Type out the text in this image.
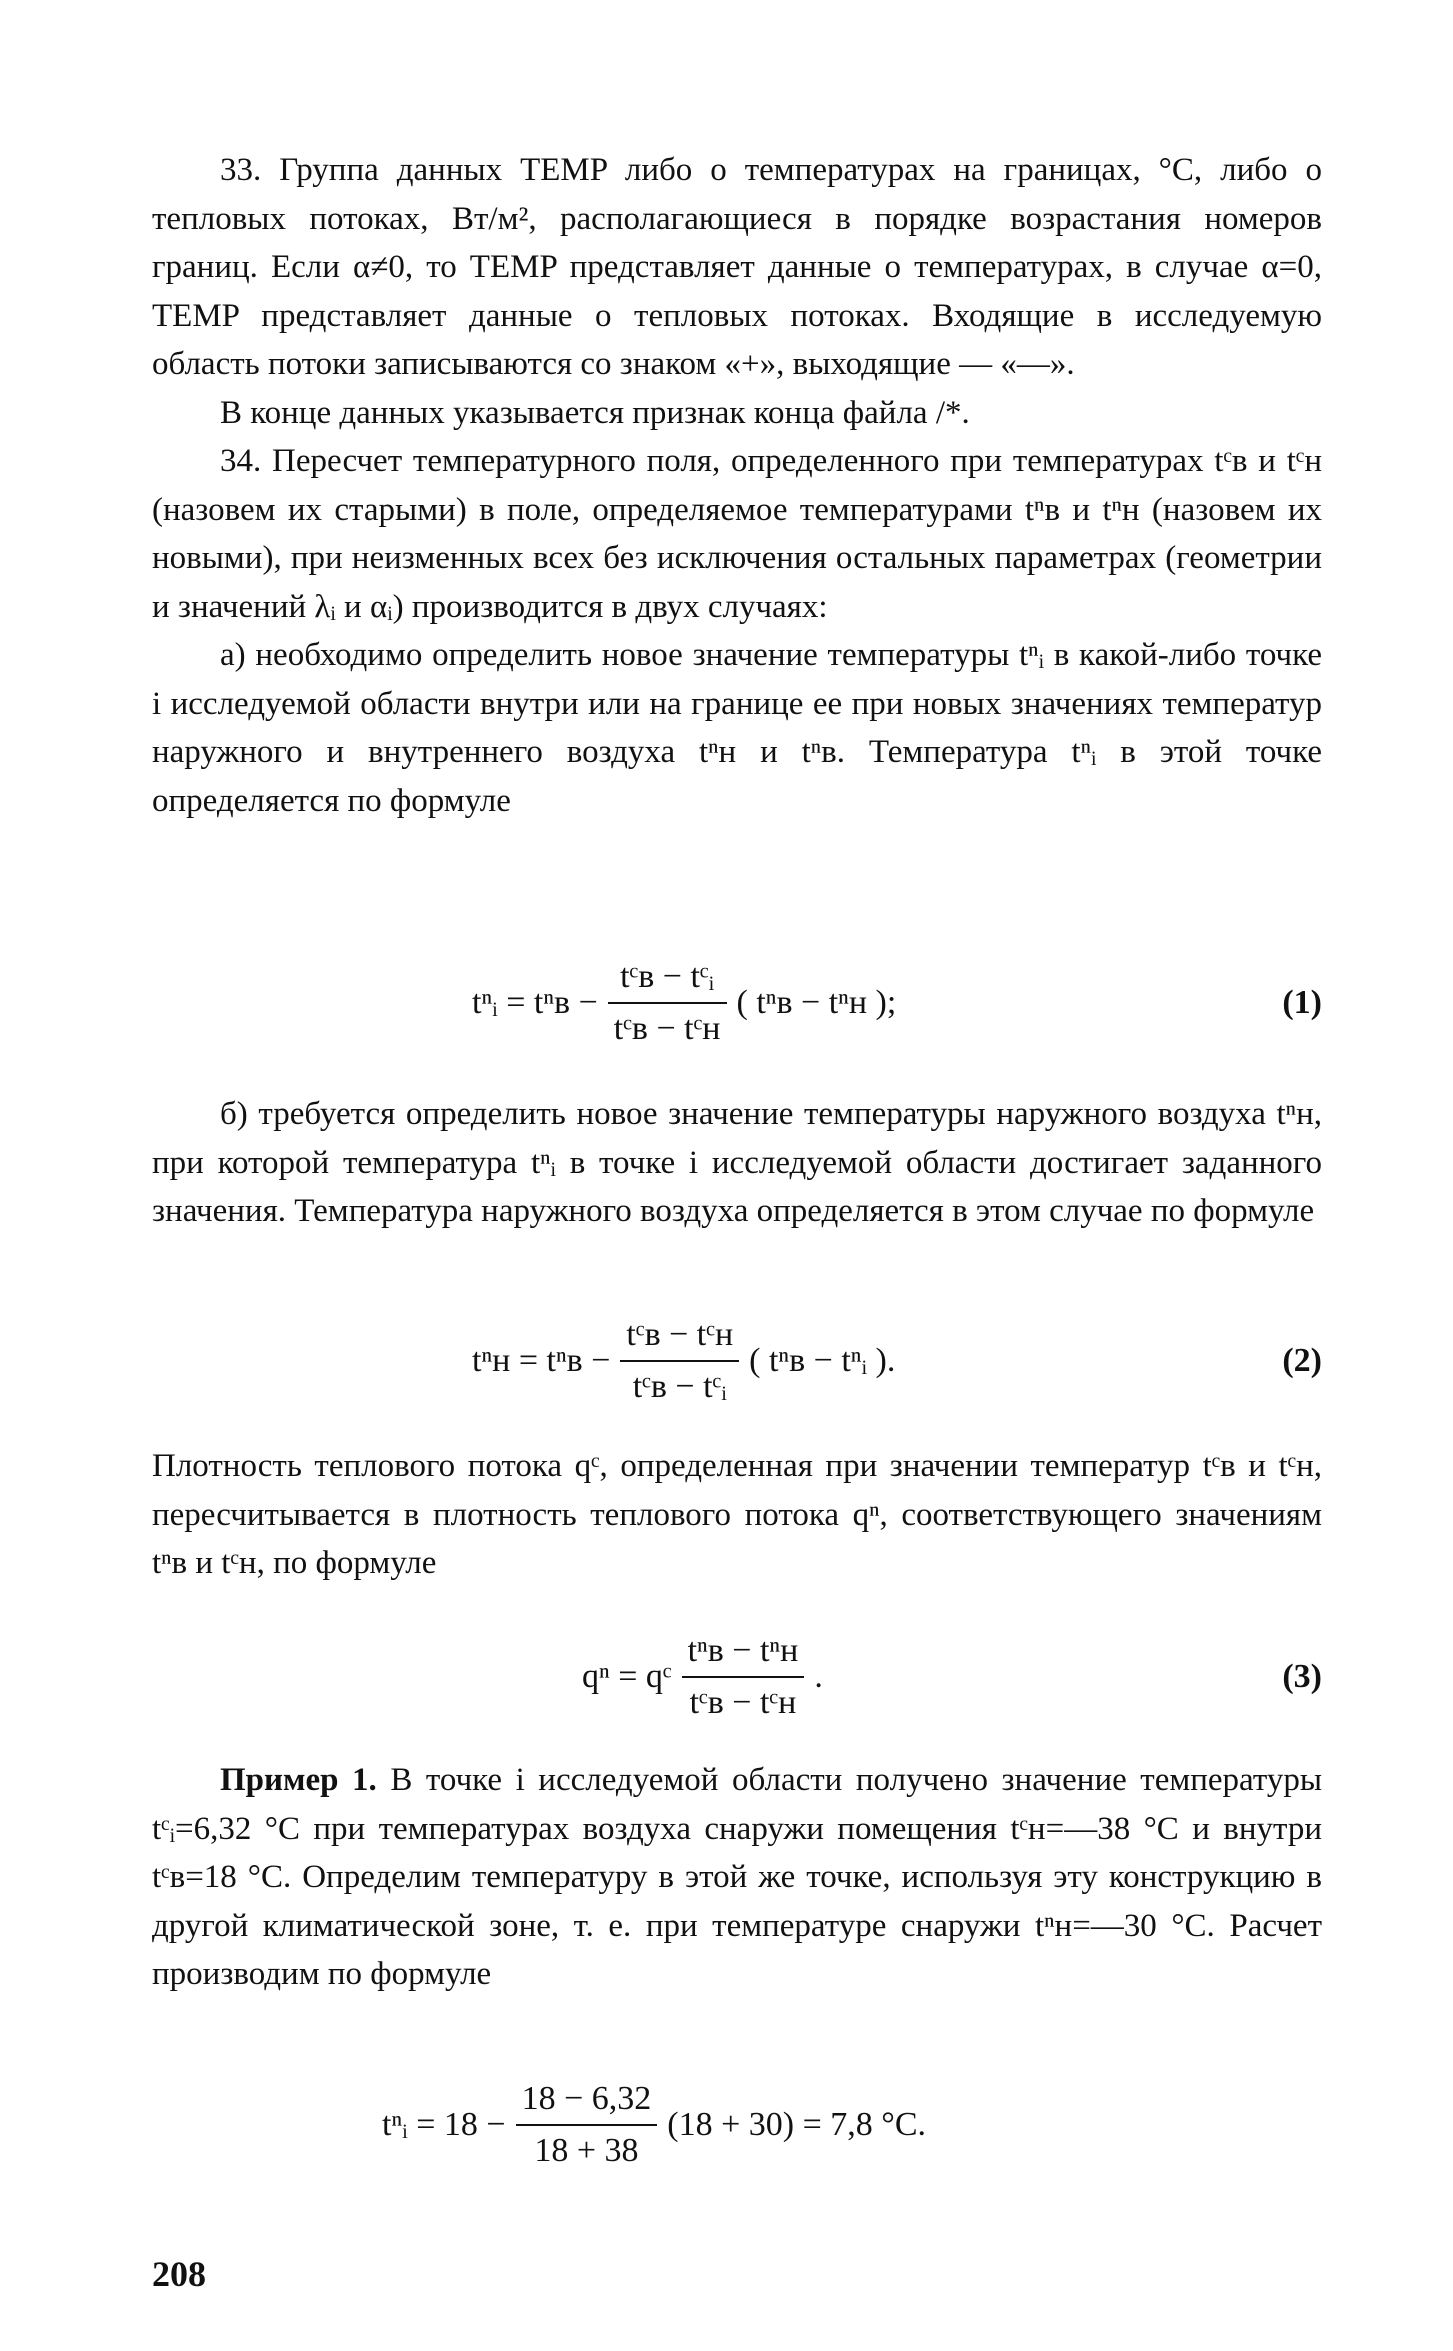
33. Группа данных TEMP либо о температурах на границах, °С, либо о тепловых потоках, Вт/м², располагающиеся в порядке возрастания номеров границ. Если α≠0, то TEMP представляет данные о температурах, в случае α=0, TEMP представляет данные о тепловых потоках. Входящие в исследуемую область потоки записываются со знаком «+», выходящие — «—».

В конце данных указывается признак конца файла /*.

34. Пересчет температурного поля, определенного при температурах tᶜв и tᶜн (назовем их старыми) в поле, определяемое температурами tⁿв и tⁿн (назовем их новыми), при неизменных всех без исключения остальных параметрах (геометрии и значений λᵢ и αᵢ) производится в двух случаях:

а) необходимо определить новое значение температуры tⁿᵢ в какой-либо точке i исследуемой области внутри или на границе ее при новых значениях температур наружного и внутреннего воздуха tⁿн и tⁿв. Температура tⁿᵢ в этой точке определяется по формуле

tⁿᵢ = $t^nв - \frac{\text{tᶜв − tᶜᵢ}}{\text{tᶜв − tᶜн}}$ ( tⁿв − tⁿн );	(1)

б) требуется определить новое значение температуры наружного воздуха tⁿн, при которой температура tⁿᵢ в точке i исследуемой области достигает заданного значения. Температура наружного воздуха определяется в этом случае по формуле

$t^nн = t^nв - \frac{\text{tᶜв − tᶜн}}{\text{tᶜв − tᶜᵢ}}$ ( tⁿв − tⁿᵢ ).	(2)

Плотность теплового потока qᶜ, определенная при значении температур tᶜв и tᶜн, пересчитывается в плотность теплового потока qⁿ, соответствующего значениям tⁿв и tᶜн, по формуле

qⁿ = qᶜ $\frac{\text{tⁿв − tⁿн}}{\text{tᶜв − tᶜн}}$ .	(3)

Пример 1. В точке i исследуемой области получено значение температуры tᶜᵢ=6,32 °С при температурах воздуха снаружи помещения tᶜн=—38 °С и внутри tᶜв=18 °С. Определим температуру в этой же точке, используя эту конструкцию в другой климатической зоне, т. е. при температуре снаружи tⁿн=—30 °С. Расчет производим по формуле

tⁿᵢ = $18 - \frac{18 - 6,32}{18 + 38} (18 + 30) = 7,8$ °С.
208
